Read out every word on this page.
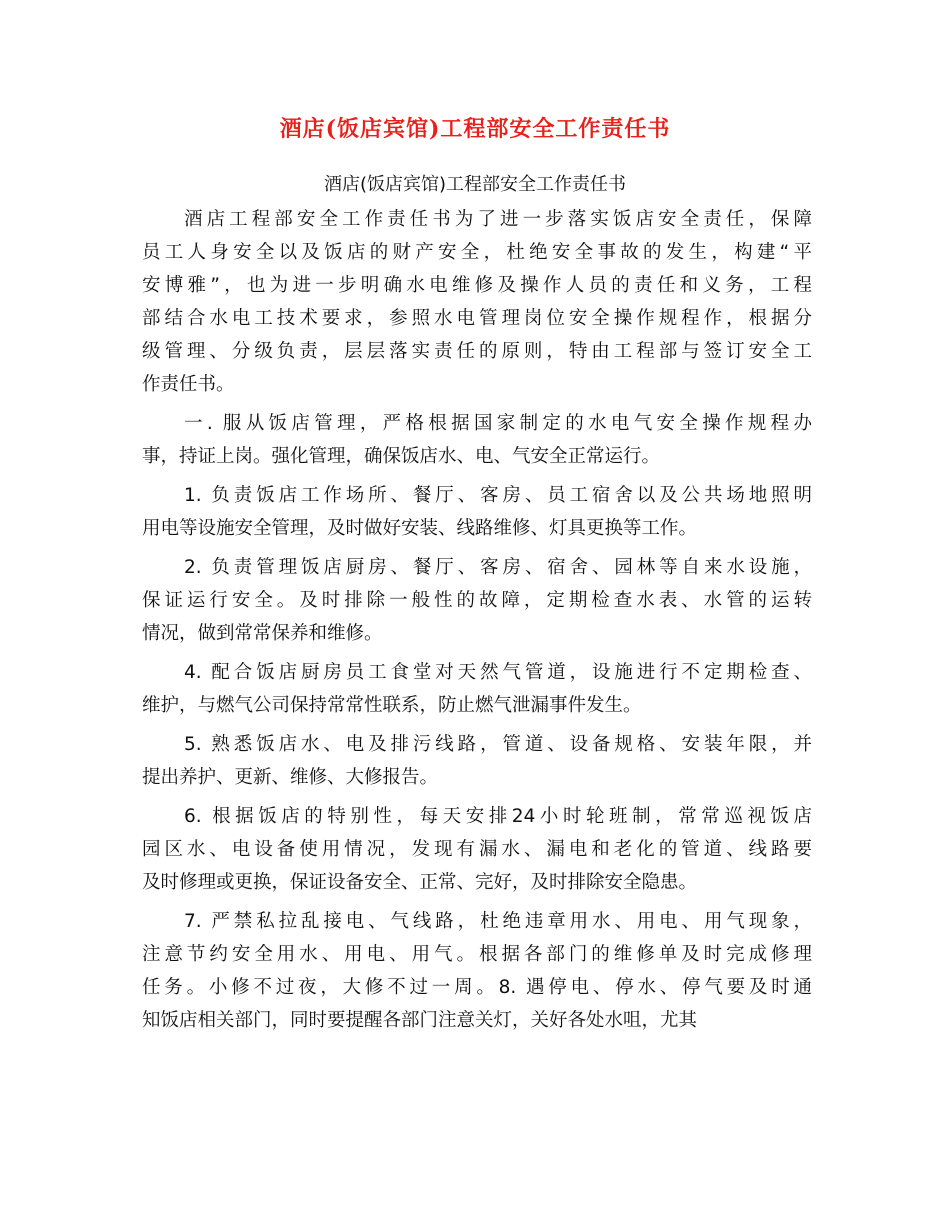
酒店(饭店宾馆)工程部安全工作责任书
酒店(饭店宾馆)工程部安全工作责任书
酒店工程部安全工作责任书为了进一步落实饭店安全责任，保障
员工人身安全以及饭店的财产安全，杜绝安全事故的发生，构建“平
安博雅”，也为进一步明确水电维修及操作人员的责任和义务，工程
部结合水电工技术要求，参照水电管理岗位安全操作规程作，根据分
级管理、分级负责，层层落实责任的原则，特由工程部与签订安全工
作责任书。
一. 服从饭店管理，严格根据国家制定的水电气安全操作规程办
事，持证上岗。强化管理，确保饭店水、电、气安全正常运行。
1. 负责饭店工作场所、餐厅、客房、员工宿舍以及公共场地照明
用电等设施安全管理，及时做好安装、线路维修、灯具更换等工作。
2. 负责管理饭店厨房、餐厅、客房、宿舍、园林等自来水设施，
保证运行安全。及时排除一般性的故障，定期检查水表、水管的运转
情况，做到常常保养和维修。
4. 配合饭店厨房员工食堂对天然气管道，设施进行不定期检查、
维护，与燃气公司保持常常性联系，防止燃气泄漏事件发生。
5. 熟悉饭店水、电及排污线路，管道、设备规格、安装年限，并
提出养护、更新、维修、大修报告。
6. 根据饭店的特别性，每天安排24小时轮班制，常常巡视饭店
园区水、电设备使用情况，发现有漏水、漏电和老化的管道、线路要
及时修理或更换，保证设备安全、正常、完好，及时排除安全隐患。
7. 严禁私拉乱接电、气线路，杜绝违章用水、用电、用气现象，
注意节约安全用水、用电、用气。根据各部门的维修单及时完成修理
任务。小修不过夜，大修不过一周。8. 遇停电、停水、停气要及时通
知饭店相关部门，同时要提醒各部门注意关灯，关好各处水咀，尤其
